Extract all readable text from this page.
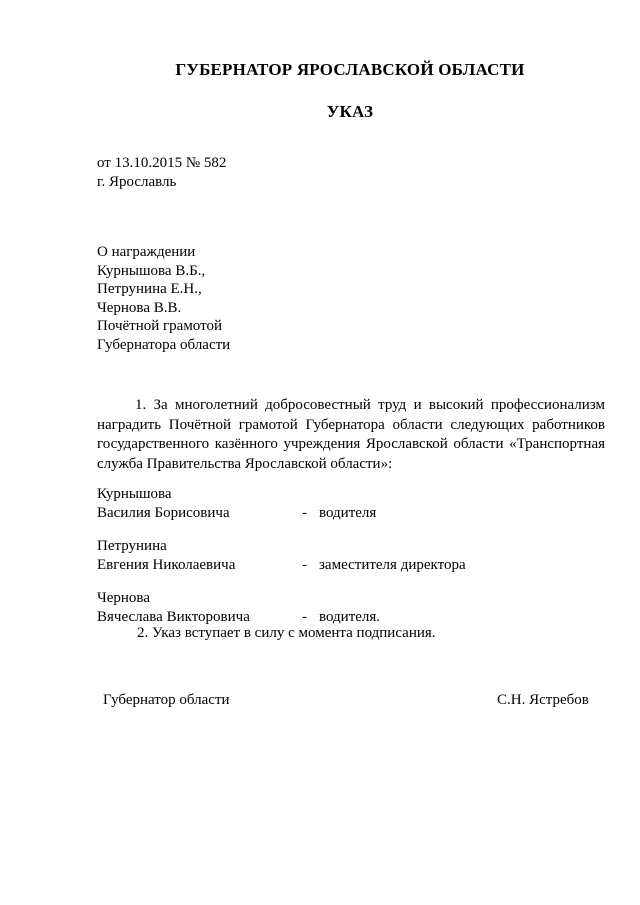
ГУБЕРНАТОР ЯРОСЛАВСКОЙ ОБЛАСТИ
УКАЗ
от 13.10.2015 № 582
г. Ярославль
О награждении
Курнышова В.Б.,
Петрунина Е.Н.,
Чернова В.В.
Почётной грамотой
Губернатора области
1. За многолетний добросовестный труд и высокий профессионализм наградить Почётной грамотой Губернатора области следующих работников государственного казённого учреждения Ярославской области «Транспортная служба Правительства Ярославской области»:
Курнышова
Василия Борисовича	- водителя
Петрунина
Евгения Николаевича	- заместителя директора
Чернова
Вячеслава Викторовича	- водителя.
2. Указ вступает в силу с момента подписания.
Губернатор области	С.Н. Ястребов
